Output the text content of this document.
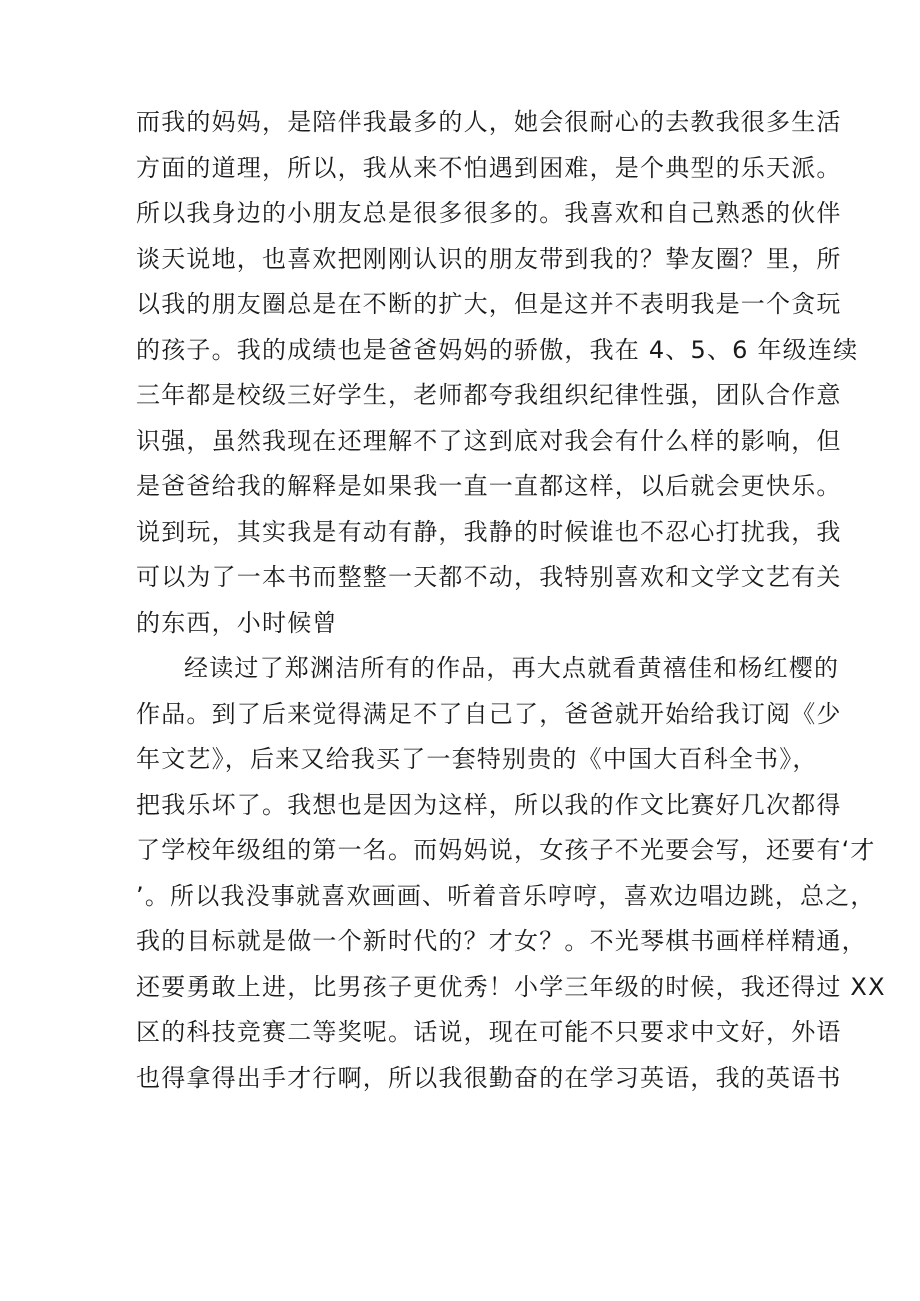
而我的妈妈，是陪伴我最多的人，她会很耐心的去教我很多生活
方面的道理，所以，我从来不怕遇到困难，是个典型的乐天派。
所以我身边的小朋友总是很多很多的。我喜欢和自己熟悉的伙伴
谈天说地，也喜欢把刚刚认识的朋友带到我的？挚友圈？里，所
以我的朋友圈总是在不断的扩大，但是这并不表明我是一个贪玩
的孩子。我的成绩也是爸爸妈妈的骄傲，我在 4、5、6 年级连续
三年都是校级三好学生，老师都夸我组织纪律性强，团队合作意
识强，虽然我现在还理解不了这到底对我会有什么样的影响，但
是爸爸给我的解释是如果我一直一直都这样，以后就会更快乐。
说到玩，其实我是有动有静，我静的时候谁也不忍心打扰我，我
可以为了一本书而整整一天都不动，我特别喜欢和文学文艺有关
的东西，小时候曾
经读过了郑渊洁所有的作品，再大点就看黄禧佳和杨红樱的
作品。到了后来觉得满足不了自己了，爸爸就开始给我订阅《少
年文艺》，后来又给我买了一套特别贵的《中国大百科全书》，
把我乐坏了。我想也是因为这样，所以我的作文比赛好几次都得
了学校年级组的第一名。而妈妈说，女孩子不光要会写，还要有‘才
’。所以我没事就喜欢画画、听着音乐哼哼，喜欢边唱边跳，总之，
我的目标就是做一个新时代的？才女？。不光琴棋书画样样精通，
还要勇敢上进，比男孩子更优秀！小学三年级的时候，我还得过 XX
区的科技竞赛二等奖呢。话说，现在可能不只要求中文好，外语
也得拿得出手才行啊，所以我很勤奋的在学习英语，我的英语书
